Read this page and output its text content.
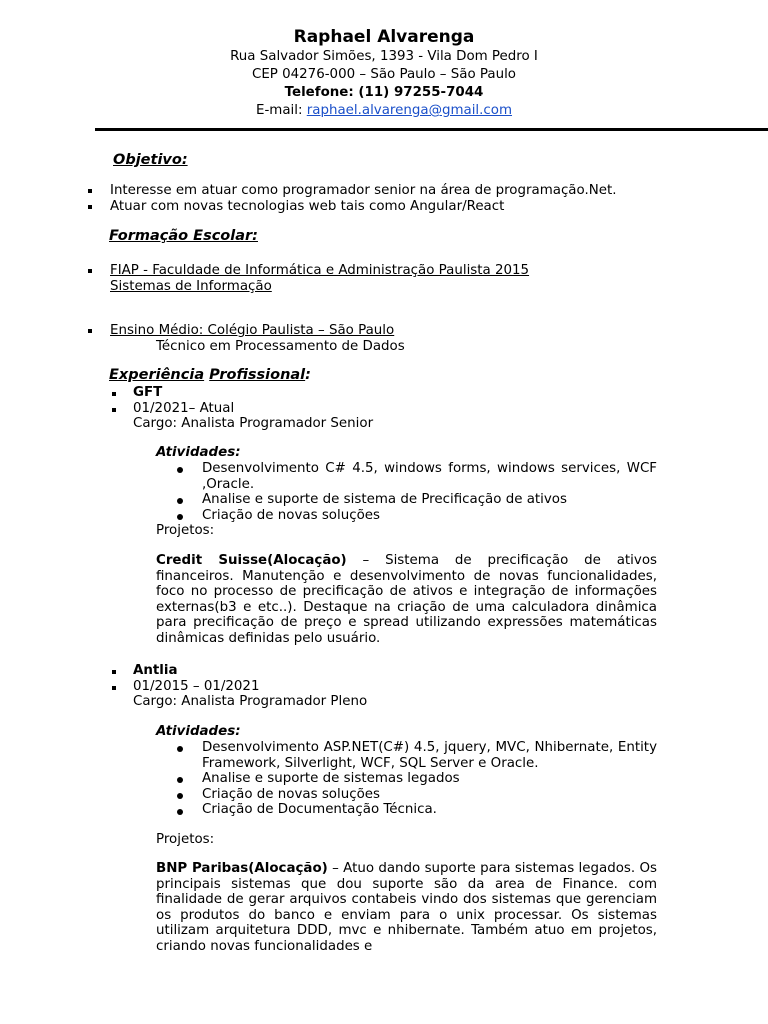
Raphael Alvarenga
Rua Salvador Simões, 1393 - Vila Dom Pedro I
CEP 04276-000 – São Paulo – São Paulo
Telefone: (11) 97255-7044
E-mail: raphael.alvarenga@gmail.com
Objetivo:
Interesse em atuar como programador senior na área de programação.Net.
Atuar com novas tecnologias web tais como Angular/React
Formação Escolar:
FIAP - Faculdade de Informática e Administração Paulista 2015
Sistemas de Informação
Ensino Médio: Colégio Paulista – São Paulo
Técnico em Processamento de Dados
Experiência Profissional:
GFT
01/2021– Atual
Cargo: Analista Programador Senior
Atividades:
Desenvolvimento C# 4.5, windows forms, windows services, WCF ,Oracle.
Analise e suporte de sistema de Precificação de ativos
Criação de novas soluções
Projetos:
Credit Suisse(Alocação) – Sistema de precificação de ativos financeiros. Manutenção e desenvolvimento de novas funcionalidades, foco no processo de precificação de ativos e integração de informações externas(b3 e etc..). Destaque na criação de uma calculadora dinâmica para precificação de preço e spread utilizando expressões matemáticas dinâmicas definidas pelo usuário.
Antlia
01/2015 – 01/2021
Cargo: Analista Programador Pleno
Atividades:
Desenvolvimento ASP.NET(C#) 4.5, jquery, MVC, Nhibernate, Entity Framework, Silverlight, WCF, SQL Server e Oracle.
Analise e suporte de sistemas legados
Criação de novas soluções
Criação de Documentação Técnica.
Projetos:
BNP Paribas(Alocação) – Atuo dando suporte para sistemas legados. Os principais sistemas que dou suporte são da area de Finance. com finalidade de gerar arquivos contabeis vindo dos sistemas que gerenciam os produtos do banco e enviam para o unix processar. Os sistemas utilizam arquitetura DDD, mvc e nhibernate. Também atuo em projetos, criando novas funcionalidades e
